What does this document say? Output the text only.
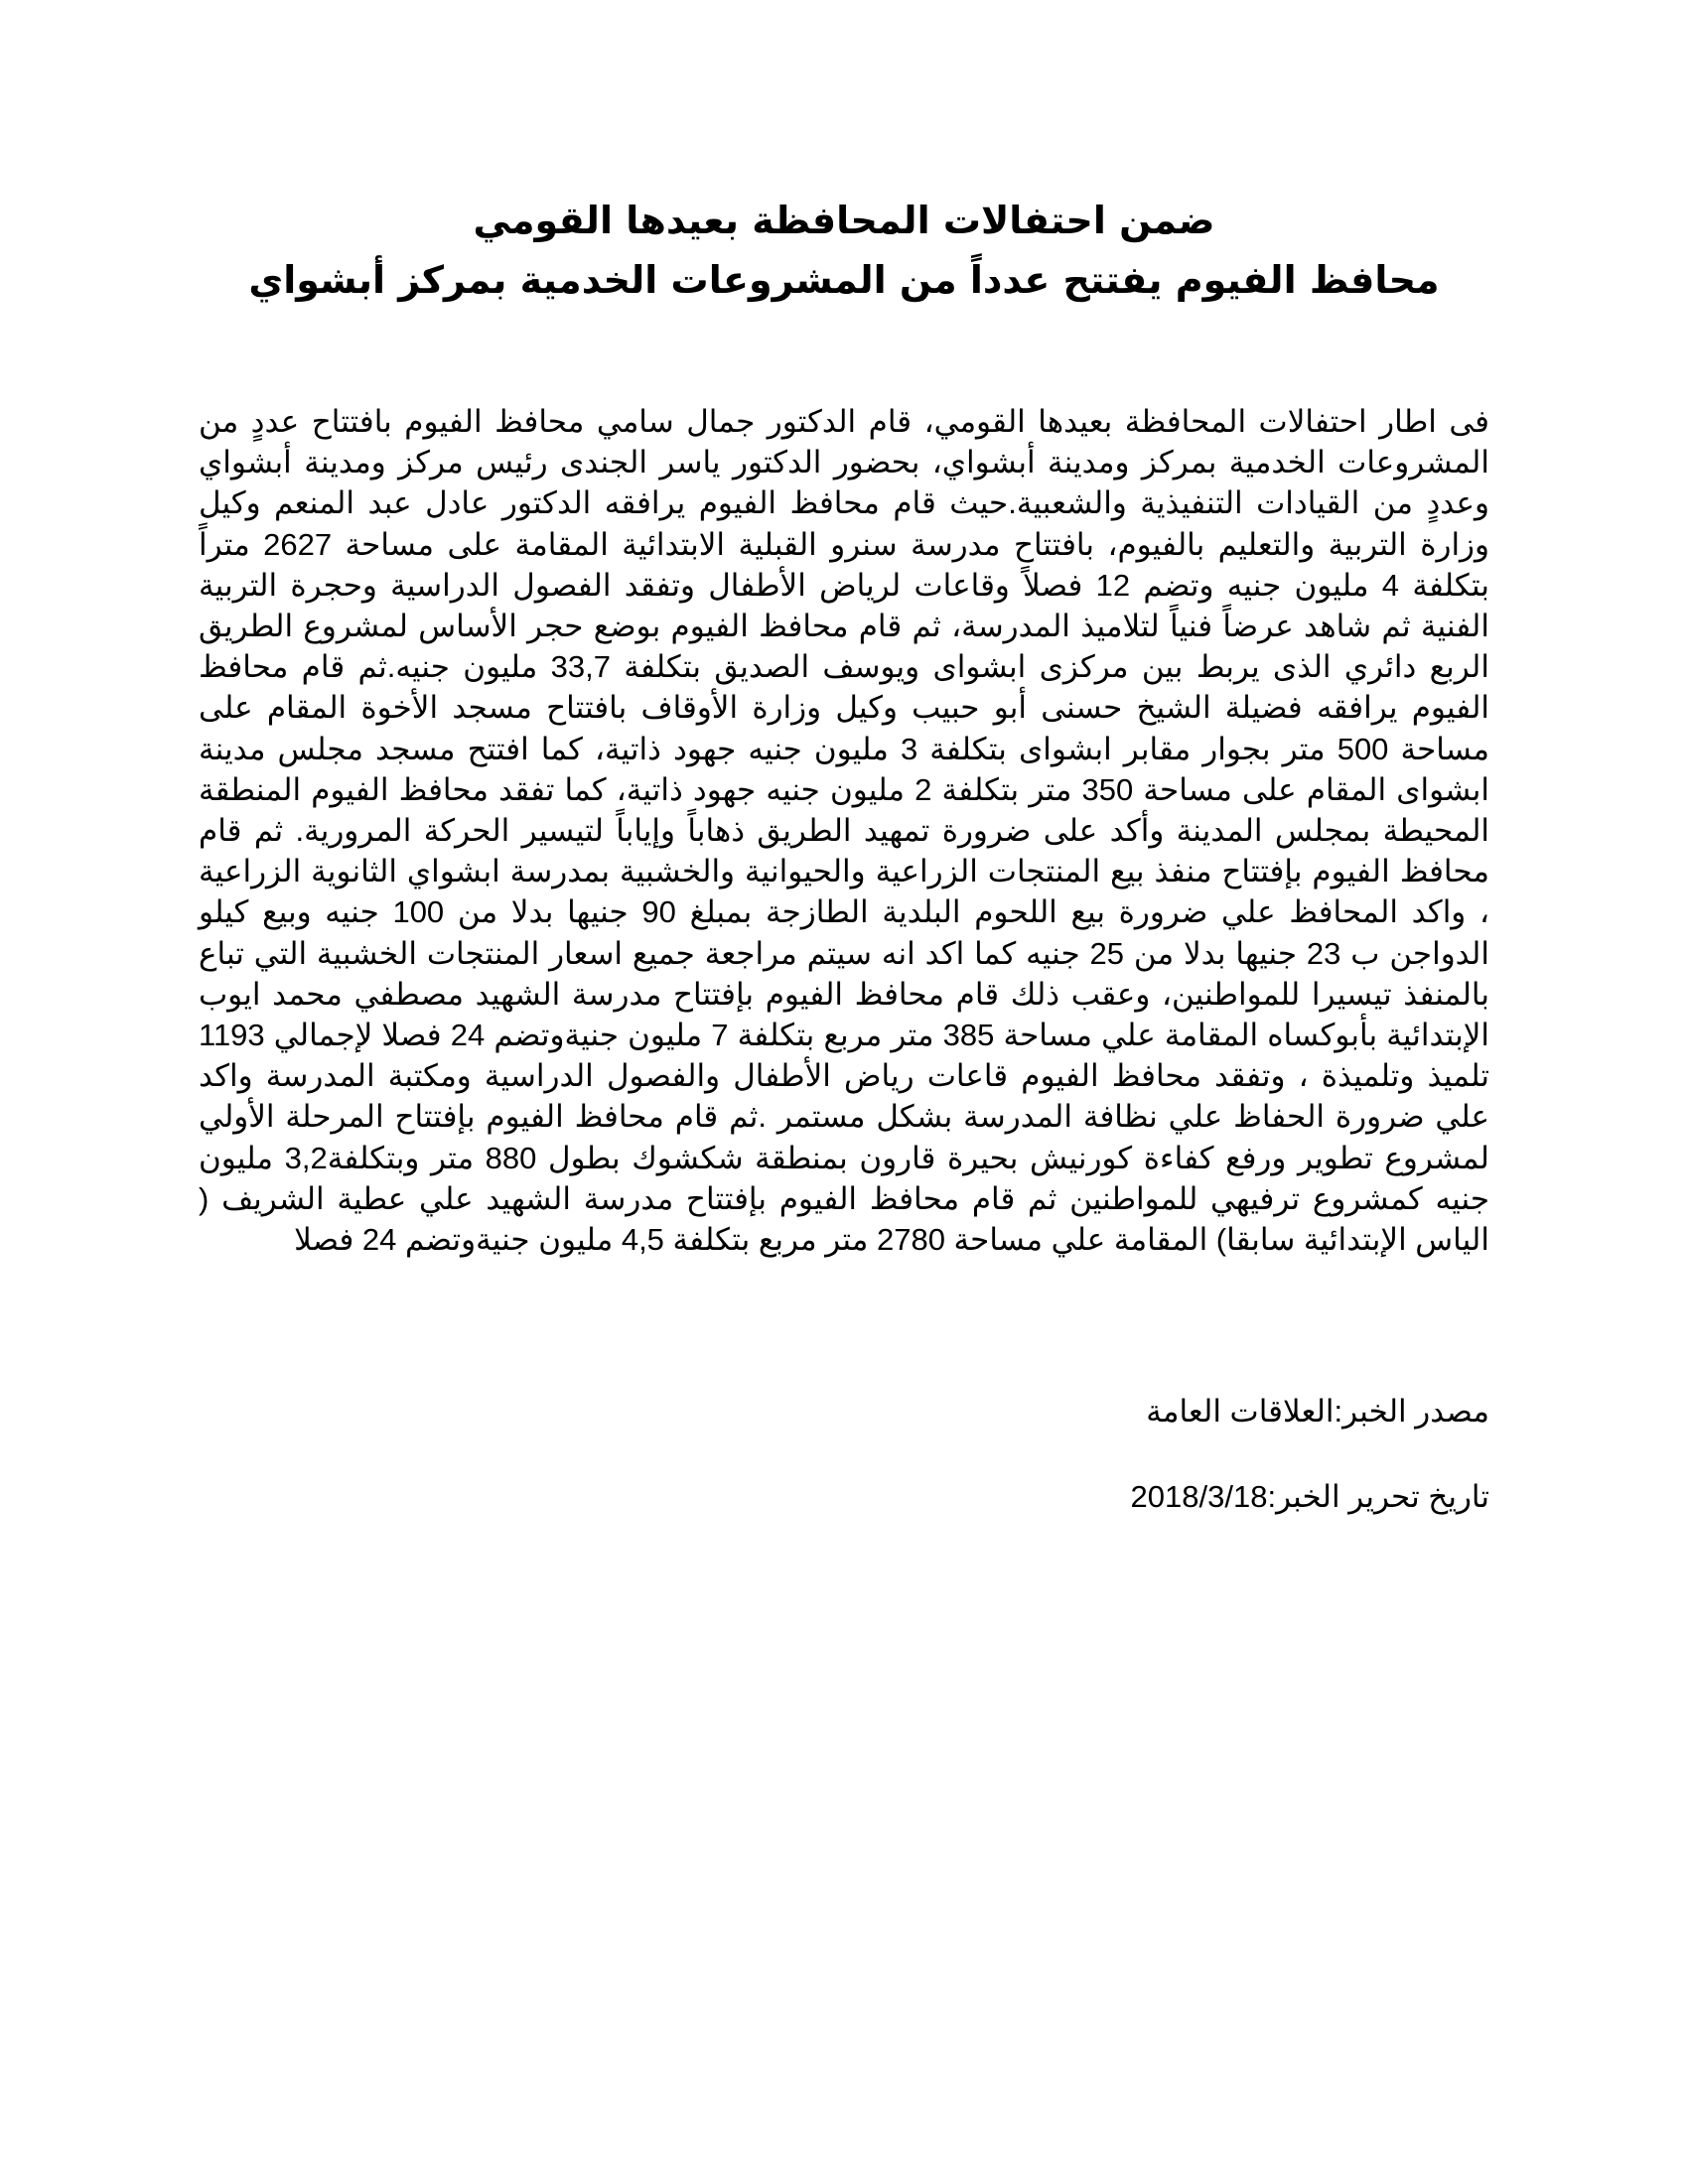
ضمن احتفالات المحافظة بعيدها القومي
محافظ الفيوم يفتتح عدداً من المشروعات الخدمية بمركز أبشواي

فى اطار احتفالات المحافظة بعيدها القومي، قام الدكتور جمال سامي محافظ الفيوم بافتتاح عددٍ من المشروعات الخدمية بمركز ومدينة أبشواي، بحضور الدكتور ياسر الجندى رئيس مركز ومدينة أبشواي وعددٍ من القيادات التنفيذية والشعبية.حيث قام محافظ الفيوم يرافقه الدكتور عادل عبد المنعم وكيل وزارة التربية والتعليم بالفيوم، بافتتاح مدرسة سنرو القبلية الابتدائية المقامة على مساحة 2627 متراً بتكلفة 4 مليون جنيه وتضم 12 فصلاً وقاعات لرياض الأطفال وتفقد الفصول الدراسية وحجرة التربية الفنية ثم شاهد عرضاً فنياً لتلاميذ المدرسة، ثم قام محافظ الفيوم بوضع حجر الأساس لمشروع الطريق الربع دائري الذى يربط بين مركزى ابشواى ويوسف الصديق بتكلفة 33,7 مليون جنيه.ثم قام محافظ الفيوم يرافقه فضيلة الشيخ حسنى أبو حبيب وكيل وزارة الأوقاف بافتتاح مسجد الأخوة المقام على مساحة 500 متر بجوار مقابر ابشواى بتكلفة 3 مليون جنيه جهود ذاتية، كما افتتح مسجد مجلس مدينة ابشواى المقام على مساحة 350 متر بتكلفة 2 مليون جنيه جهود ذاتية، كما تفقد محافظ الفيوم المنطقة المحيطة بمجلس المدينة وأكد على ضرورة تمهيد الطريق ذهاباً وإياباً لتيسير الحركة المرورية. ثم قام محافظ الفيوم بإفتتاح منفذ بيع المنتجات الزراعية والحيوانية والخشبية بمدرسة ابشواي الثانوية الزراعية ، واكد المحافظ علي ضرورة بيع اللحوم البلدية الطازجة بمبلغ 90 جنيها بدلا من 100 جنيه وبيع كيلو الدواجن ب 23 جنيها بدلا من 25 جنيه كما اكد انه سيتم مراجعة جميع اسعار المنتجات الخشبية التي تباع بالمنفذ تيسيرا للمواطنين، وعقب ذلك قام محافظ الفيوم بإفتتاح مدرسة الشهيد مصطفي محمد ايوب الإبتدائية بأبوكساه المقامة علي مساحة 385 متر مربع بتكلفة 7 مليون جنيةوتضم 24 فصلا لإجمالي 1193 تلميذ وتلميذة ، وتفقد محافظ الفيوم قاعات رياض الأطفال والفصول الدراسية ومكتبة المدرسة واكد علي ضرورة الحفاظ علي نظافة المدرسة بشكل مستمر .ثم قام محافظ الفيوم بإفتتاح المرحلة الأولي لمشروع تطوير ورفع كفاءة كورنيش بحيرة قارون بمنطقة شكشوك بطول 880 متر وبتكلفة3,2 مليون جنيه كمشروع ترفيهي للمواطنين ثم قام محافظ الفيوم بإفتتاح مدرسة الشهيد علي عطية الشريف ( الياس الإبتدائية سابقا) المقامة علي مساحة 2780 متر مربع بتكلفة 4,5 مليون جنيةوتضم 24 فصلا

مصدر الخبر:العلاقات العامة

تاريخ تحرير الخبر:2018/3/18
